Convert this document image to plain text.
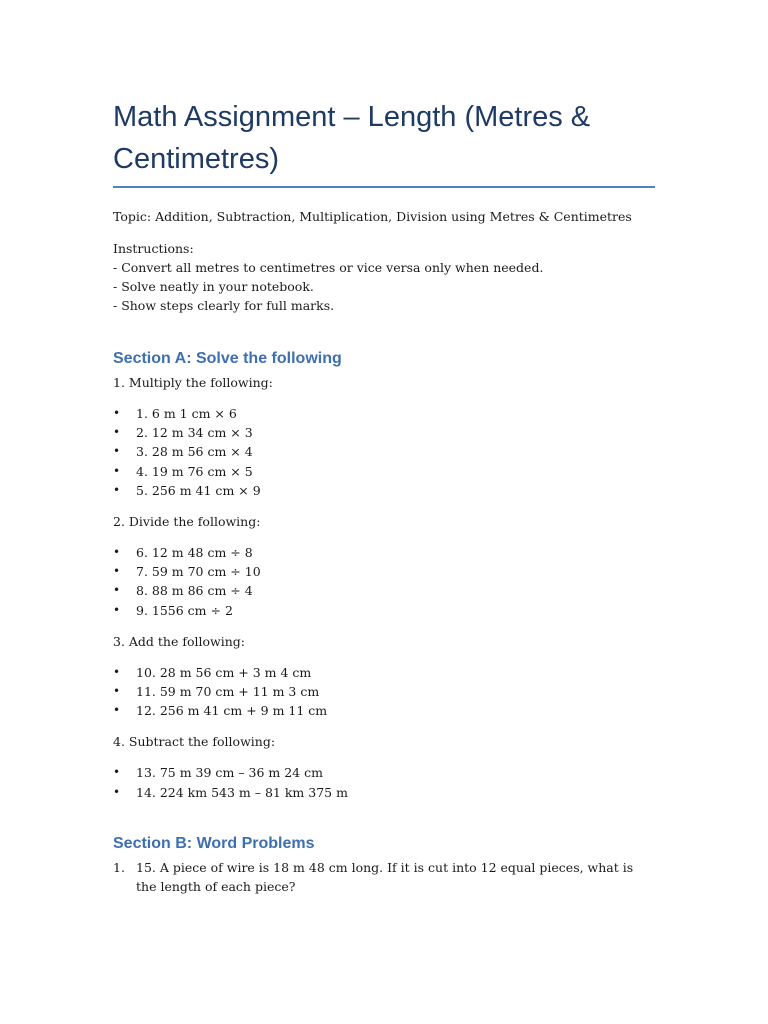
Math Assignment – Length (Metres & Centimetres)

Topic: Addition, Subtraction, Multiplication, Division using Metres & Centimetres

Instructions:

- Convert all metres to centimetres or vice versa only when needed.

- Solve neatly in your notebook.

- Show steps clearly for full marks.

Section A: Solve the following

1. Multiply the following:

• 1. 6 m 1 cm × 6
• 2. 12 m 34 cm × 3
• 3. 28 m 56 cm × 4
• 4. 19 m 76 cm × 5
• 5. 256 m 41 cm × 9

2. Divide the following:

• 6. 12 m 48 cm ÷ 8
• 7. 59 m 70 cm ÷ 10
• 8. 88 m 86 cm ÷ 4
• 9. 1556 cm ÷ 2

3. Add the following:

• 10. 28 m 56 cm + 3 m 4 cm
• 11. 59 m 70 cm + 11 m 3 cm
• 12. 256 m 41 cm + 9 m 11 cm

4. Subtract the following:

• 13. 75 m 39 cm – 36 m 24 cm
• 14. 224 km 543 m – 81 km 375 m
Section B: Word Problems
1. 15. A piece of wire is 18 m 48 cm long. If it is cut into 12 equal pieces, what is the length of each piece?
